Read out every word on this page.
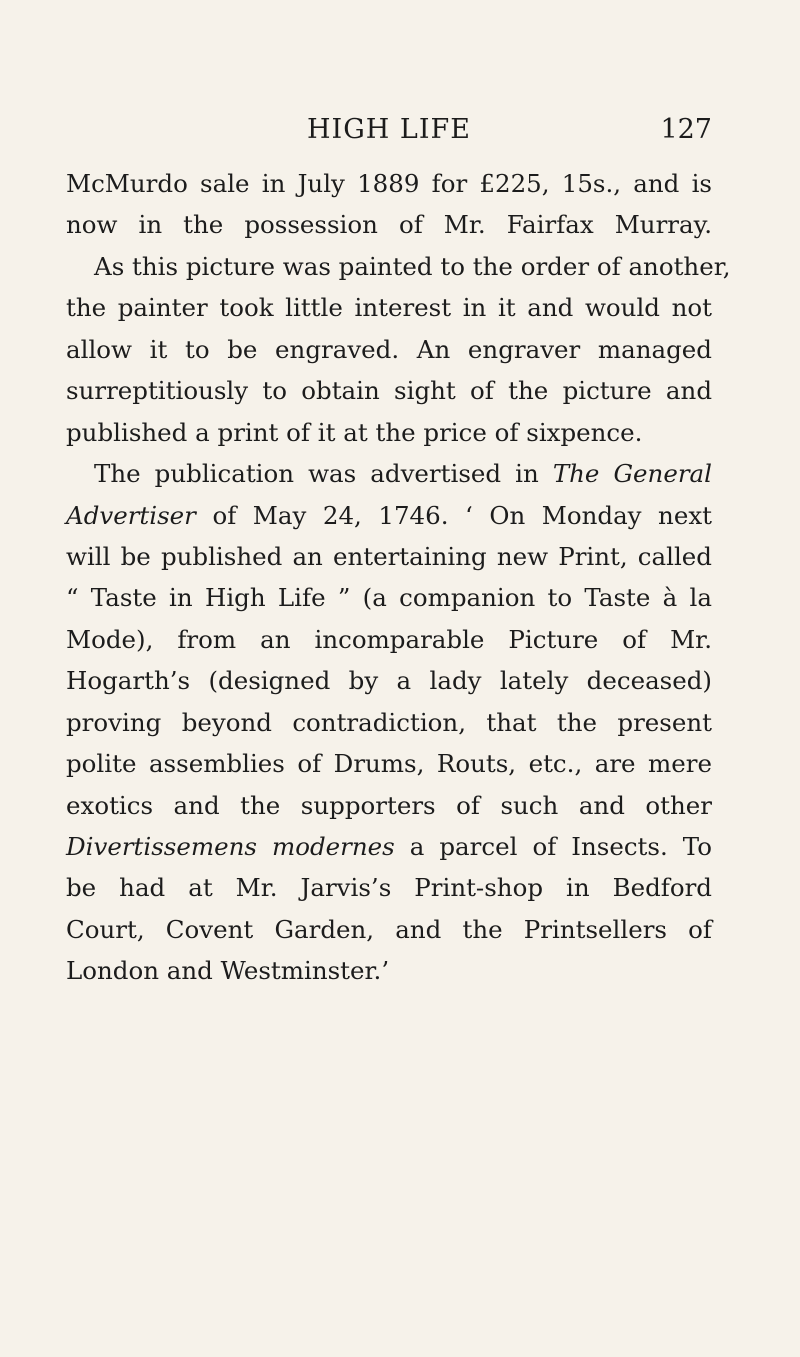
HIGH LIFE	127
McMurdo sale in July 1889 for £225, 15s., and is
now in the possession of Mr. Fairfax Murray.
As this picture was painted to the order of another,
the painter took little interest in it and would not
allow it to be engraved. An engraver managed
surreptitiously to obtain sight of the picture and
published a print of it at the price of sixpence.
The publication was advertised in The General
Advertiser of May 24, 1746. ‘ On Monday next
will be published an entertaining new Print, called
“ Taste in High Life ” (a companion to Taste à la
Mode), from an incomparable Picture of Mr.
Hogarth’s (designed by a lady lately deceased)
proving beyond contradiction, that the present
polite assemblies of Drums, Routs, etc., are mere
exotics and the supporters of such and other
Divertissemens modernes a parcel of Insects. To
be had at Mr. Jarvis’s Print-shop in Bedford
Court, Covent Garden, and the Printsellers of
London and Westminster.’
